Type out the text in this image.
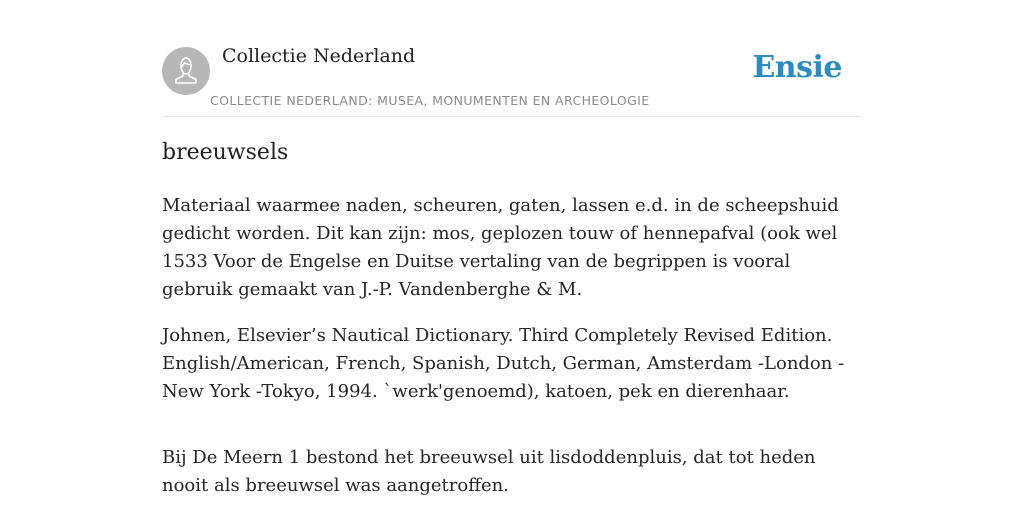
Collectie Nederland
COLLECTIE NEDERLAND: MUSEA, MONUMENTEN EN ARCHEOLOGIE
Ensie
breeuwsels

Materiaal waarmee naden, scheuren, gaten, lassen e.d. in de scheepshuid gedicht worden. Dit kan zijn: mos, geplozen touw of hennepafval (ook wel 1533 Voor de Engelse en Duitse vertaling van de begrippen is vooral gebruik gemaakt van J.-P. Vandenberghe & M.

Johnen, Elsevier’s Nautical Dictionary. Third Completely Revised Edition. English/American, French, Spanish, Dutch, German, Amsterdam -London -New York -Tokyo, 1994. `werk'genoemd), katoen, pek en dierenhaar.

Bij De Meern 1 bestond het breeuwsel uit lisdoddenpluis, dat tot heden nooit als breeuwsel was aangetroffen.
